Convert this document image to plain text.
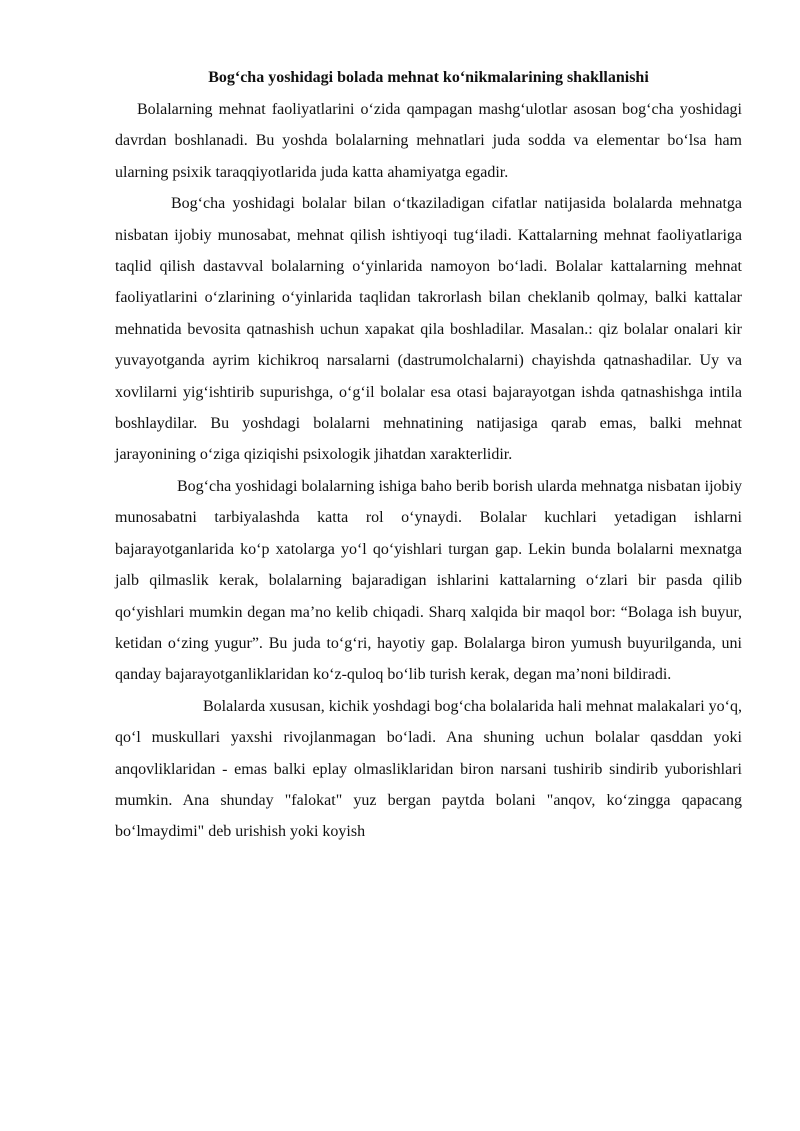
Bog‘cha yoshidagi bolada mehnat ko‘nikmalarining shakllanishi

Bolalarning mehnat faoliyatlarini o‘zida qampagan mashg‘ulotlar asosan bog‘cha yoshidagi davrdan boshlanadi. Bu yoshda bolalarning mehnatlari juda sodda va elementar bo‘lsa ham ularning psixik taraqqiyotlarida juda katta ahamiyatga egadir.

Bog‘cha yoshidagi bolalar bilan o‘tkaziladigan cifatlar natijasida bolalarda mehnatga nisbatan ijobiy munosabat, mehnat qilish ishtiyoqi tug‘iladi. Kattalarning mehnat faoliyatlariga taqlid qilish dastavval bolalarning o‘yinlarida namoyon bo‘ladi. Bolalar kattalarning mehnat faoliyatlarini o‘zlarining o‘yinlarida taqlidan takrorlash bilan cheklanib qolmay, balki kattalar mehnatida bevosita qatnashish uchun xapakat qila boshladilar. Masalan.: qiz bolalar onalari kir yuvayotganda ayrim kichikroq narsalarni (dastrumolchalarni) chayishda qatnashadilar. Uy va xovlilarni yig‘ishtirib supurishga, o‘g‘il bolalar esa otasi bajarayotgan ishda qatnashishga intila boshlaydilar. Bu yoshdagi bolalarni mehnatining natijasiga qarab emas, balki mehnat jarayonining o‘ziga qiziqishi psixologik jihatdan xarakterlidir.

Bog‘cha yoshidagi bolalarning ishiga baho berib borish ularda mehnatga nisbatan ijobiy munosabatni tarbiyalashda katta rol o‘ynaydi. Bolalar kuchlari yetadigan ishlarni bajarayotganlarida ko‘p xatolarga yo‘l qo‘yishlari turgan gap. Lekin bunda bolalarni mexnatga jalb qilmaslik kerak, bolalarning bajaradigan ishlarini kattalarning o‘zlari bir pasda qilib qo‘yishlari mumkin degan ma’no kelib chiqadi. Sharq xalqida bir maqol bor: “Bolaga ish buyur, ketidan o‘zing yugur”. Bu juda to‘g‘ri, hayotiy gap. Bolalarga biron yumush buyurilganda, uni qanday bajarayotganliklaridan ko‘z-quloq bo‘lib turish kerak, degan ma’noni bildiradi.

Bolalarda xususan, kichik yoshdagi bog‘cha bolalarida hali mehnat malakalari yo‘q, qo‘l muskullari yaxshi rivojlanmagan bo‘ladi. Ana shuning uchun bolalar qasddan yoki anqovliklaridan - emas balki eplay olmasliklaridan biron narsani tushirib sindirib yuborishlari mumkin. Ana shunday "falokat" yuz bergan paytda bolani "anqov, ko‘zingga qapacang bo‘lmaydimi" deb urishish yoki koyish
